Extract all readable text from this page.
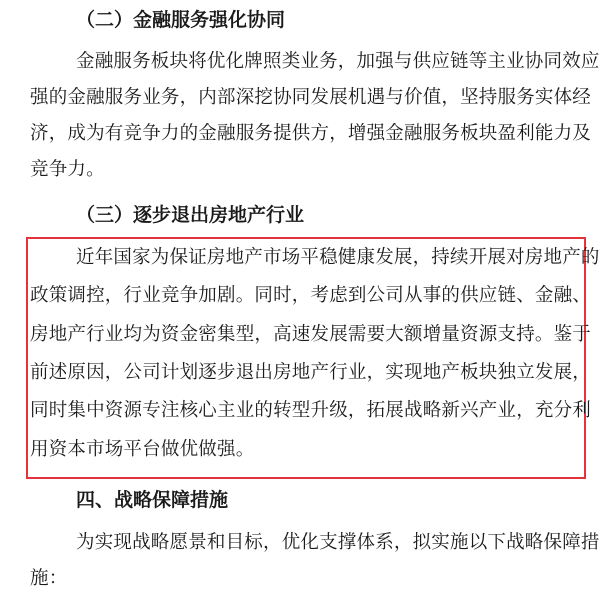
（二）金融服务强化协同
金融服务板块将优化牌照类业务，加强与供应链等主业协同效应
强的金融服务业务，内部深挖协同发展机遇与价值，坚持服务实体经
济，成为有竞争力的金融服务提供方，增强金融服务板块盈利能力及
竞争力。
（三）逐步退出房地产行业
近年国家为保证房地产市场平稳健康发展，持续开展对房地产的
政策调控，行业竞争加剧。同时，考虑到公司从事的供应链、金融、
房地产行业均为资金密集型，高速发展需要大额增量资源支持。鉴于
前述原因，公司计划逐步退出房地产行业，实现地产板块独立发展，
同时集中资源专注核心主业的转型升级，拓展战略新兴产业，充分利
用资本市场平台做优做强。
四、战略保障措施
为实现战略愿景和目标，优化支撑体系，拟实施以下战略保障措
施：
